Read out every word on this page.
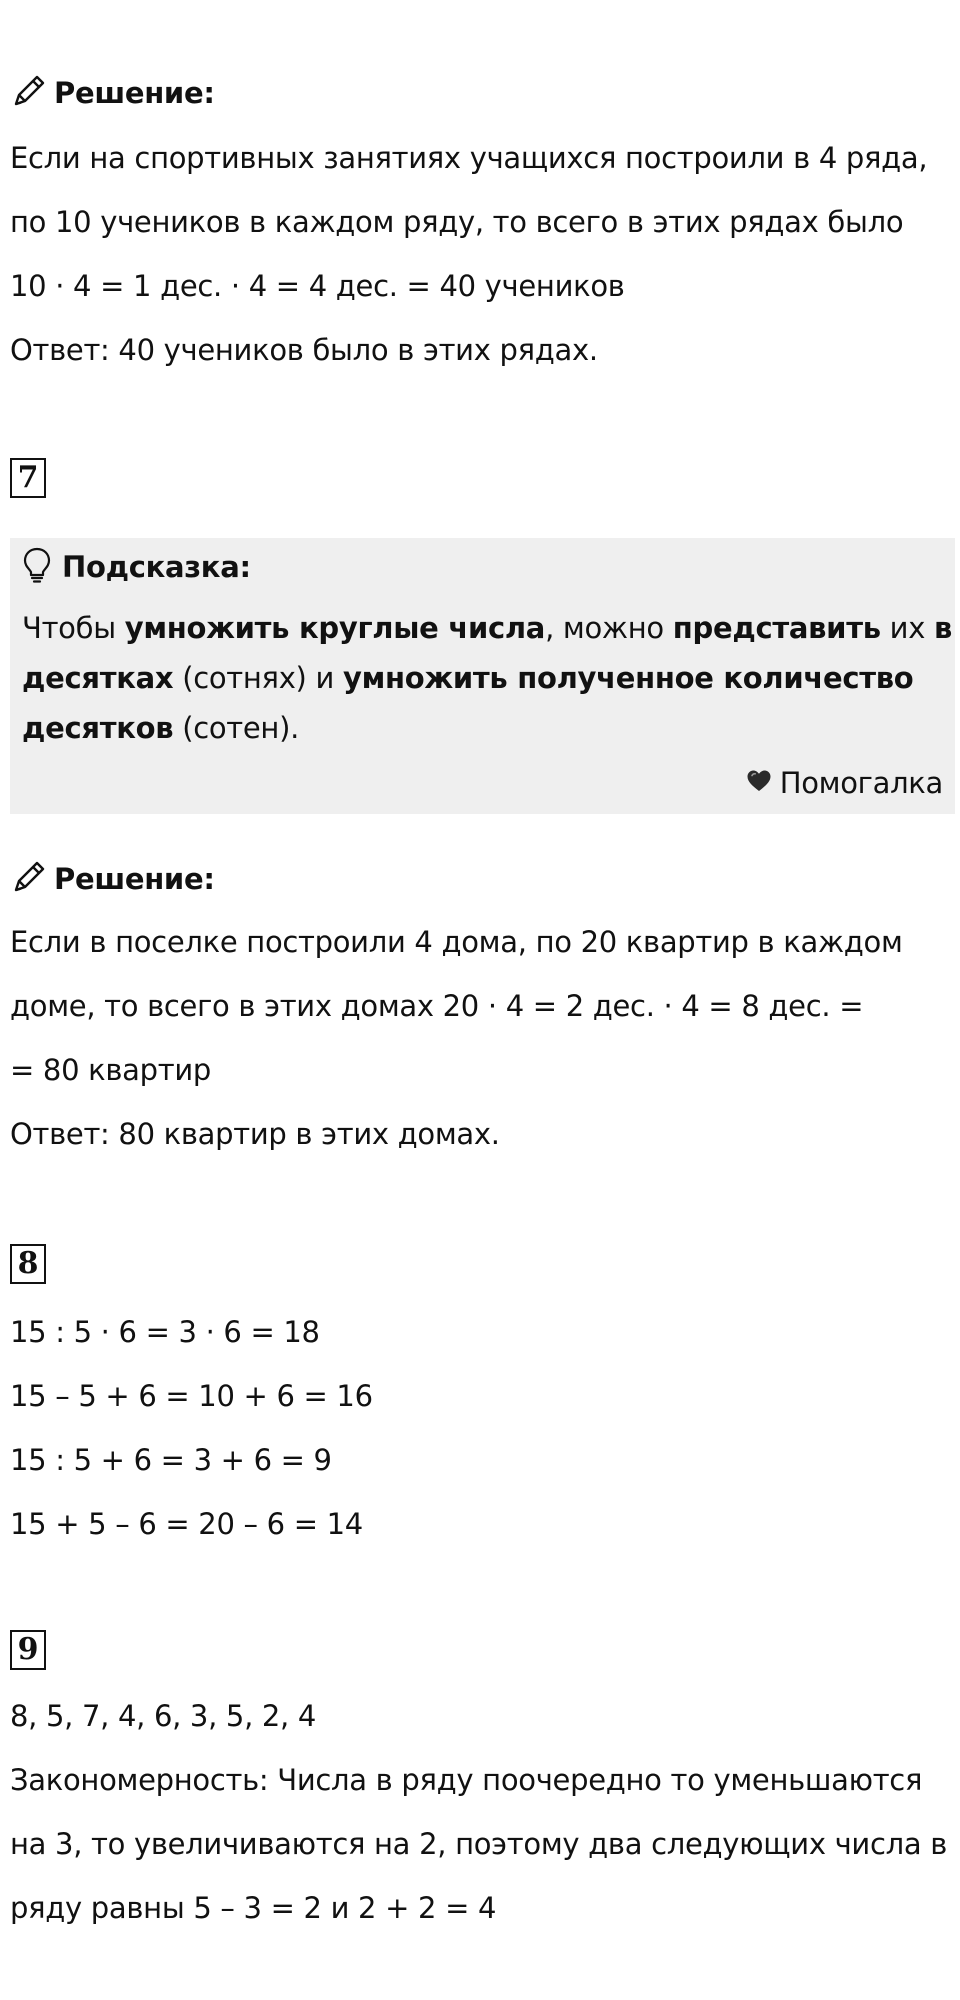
Решение:
Если на спортивных занятиях учащихся построили в 4 ряда,
по 10 учеников в каждом ряду, то всего в этих рядах было
10 · 4 = 1 дес. · 4 = 4 дес. = 40 учеников
Ответ: 40 учеников было в этих рядах.
7
Подсказка:
Чтобы умножить круглые числа, можно представить их в
десятках (сотнях) и умножить полученное количество
десятков (сотен).
Помогалка
Решение:
Если в поселке построили 4 дома, по 20 квартир в каждом
доме, то всего в этих домах 20 · 4 = 2 дес. · 4 = 8 дес. =
= 80 квартир
Ответ: 80 квартир в этих домах.
8
15 : 5 · 6 = 3 · 6 = 18
15 – 5 + 6 = 10 + 6 = 16
15 : 5 + 6 = 3 + 6 = 9
15 + 5 – 6 = 20 – 6 = 14
9
8, 5, 7, 4, 6, 3, 5, 2, 4
Закономерность: Числа в ряду поочередно то уменьшаются
на 3, то увеличиваются на 2, поэтому два следующих числа в
ряду равны 5 – 3 = 2 и 2 + 2 = 4
